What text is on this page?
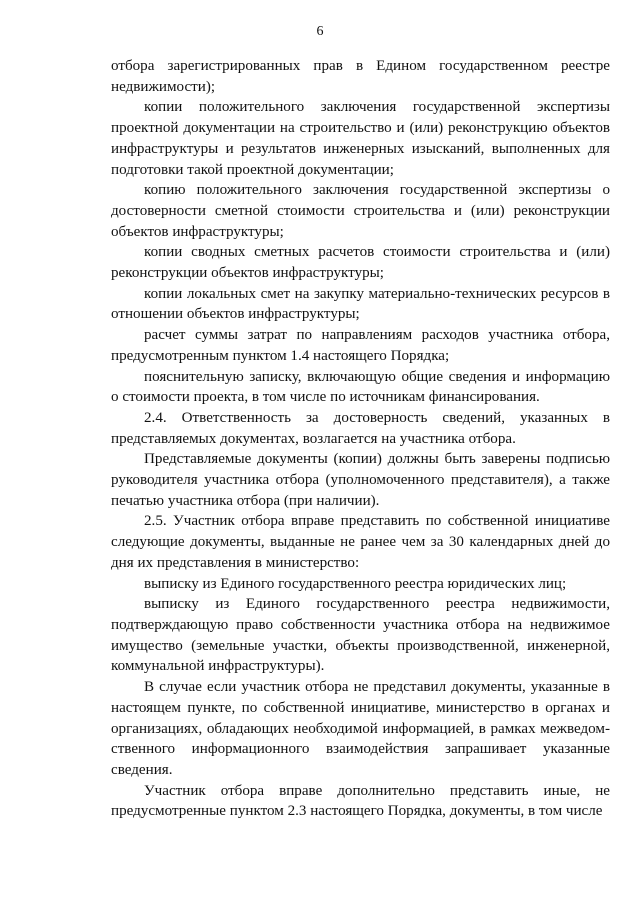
6

отбора зарегистрированных прав в Едином государственном реестре недвижимости);

копии положительного заключения государственной экспертизы проектной документации на строительство и (или) реконструкцию объектов инфраструктуры и результатов инженерных изысканий, выполненных для подготовки такой проектной документации;

копию положительного заключения государственной экспертизы о достоверности сметной стоимости строительства и (или) реконструкции объектов инфраструктуры;

копии сводных сметных расчетов стоимости строительства и (или) реконструкции объектов инфраструктуры;

копии локальных смет на закупку материально-технических ресурсов в отношении объектов инфраструктуры;

расчет суммы затрат по направлениям расходов участника отбора, предусмотренным пунктом 1.4 настоящего Порядка;

пояснительную записку, включающую общие сведения и информацию о стоимости проекта, в том числе по источникам финансирования.

2.4. Ответственность за достоверность сведений, указанных в представляемых документах, возлагается на участника отбора.

Представляемые документы (копии) должны быть заверены подписью руководителя участника отбора (уполномоченного представителя), а также печатью участника отбора (при наличии).

2.5. Участник отбора вправе представить по собственной инициативе следующие документы, выданные не ранее чем за 30 календарных дней до дня их представления в министерство:

выписку из Единого государственного реестра юридических лиц;

выписку из Единого государственного реестра недвижимости, подтверждающую право собственности участника отбора на недвижимое имущество (земельные участки, объекты производственной, инженерной, коммунальной инфраструктуры).

В случае если участник отбора не представил документы, указанные в настоящем пункте, по собственной инициативе, министерство в органах и организациях, обладающих необходимой информацией, в рамках межведом-ственного информационного взаимодействия запрашивает указанные сведения.

Участник отбора вправе дополнительно представить иные, не предусмотренные пунктом 2.3 настоящего Порядка, документы, в том числе
